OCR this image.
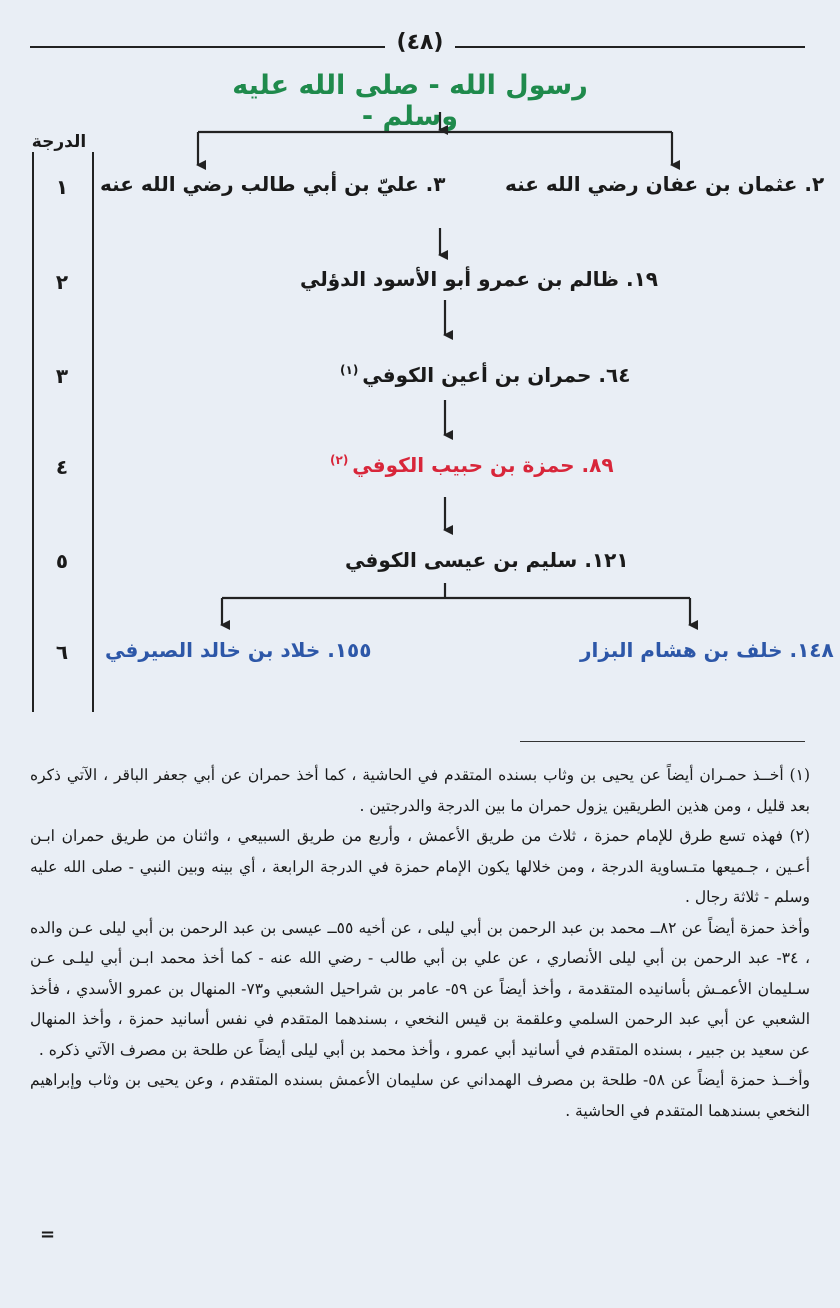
(٤٨)
رسول الله - صلى الله عليه وسلم -
الدرجة
١
٢
٣
٤
٥
٦
٢. عثمان بن عفان رضي الله عنه
٣. عليّ بن أبي طالب رضي الله عنه
١٩. ظالم بن عمرو أبو الأسود الدؤلي
٦٤. حمران بن أعين الكوفي$^{(١)}$
٨٩. حمزة بن حبيب الكوفي$^{(٢)}$
١٢١. سليم بن عيسى الكوفي
١٤٨. خلف بن هشام البزار
١٥٥. خلاد بن خالد الصيرفي

(١) أخــذ حمـران أيضاً عن يحيى بن وثاب بسنده المتقدم في الحاشية ، كما أخذ حمران عن أبي جعفر الباقر ، الآتي ذكره بعد قليل ، ومن هذين الطريقين يزول حمران ما بين الدرجة والدرجتين .

(٢) فهذه تسع طرق للإمام حمزة ، ثلاث من طريق الأعمش ، وأربع من طريق السبيعي ، واثنان من طريق حمران ابـن أعـين ، جـميعها متـساوية الدرجة ، ومن خلالها يكون الإمام حمزة في الدرجة الرابعة ، أي بينه وبين النبي - صلى الله عليه وسلم - ثلاثة رجال .

وأخذ حمزة أيضاً عن ٨٢ــ محمد بن عبد الرحمن بن أبي ليلى ، عن أخيه ٥٥ــ عيسى بن عبد الرحمن بن أبي ليلى عـن والده ، ٣٤- عبد الرحمن بن أبي ليلى الأنصاري ، عن علي بن أبي طالب - رضي الله عنه - كما أخذ محمد ابـن أبي ليلـى عـن سـليمان الأعمـش بأسانيده المتقدمة ، وأخذ أيضاً عن ٥٩- عامر بن شراحيل الشعبي و٧٣- المنهال بن عمرو الأسدي ، فأخذ الشعبي عن أبي عبد الرحمن السلمي وعلقمة بن قيس النخعي ، بسندهما المتقدم في نفس أسانيد حمزة ، وأخذ المنهال عن سعيد بن جبير ، بسنده المتقدم في أسانيد أبي عمرو ، وأخذ محمد بن أبي ليلى أيضاً عن طلحة بن مصرف الآتي ذكره .

وأخــذ حمزة أيضاً عن ٥٨- طلحة بن مصرف الهمداني عن سليمان الأعمش بسنده المتقدم ، وعن يحيى بن وثاب وإبراهيم النخعي بسندهما المتقدم في الحاشية .

=
